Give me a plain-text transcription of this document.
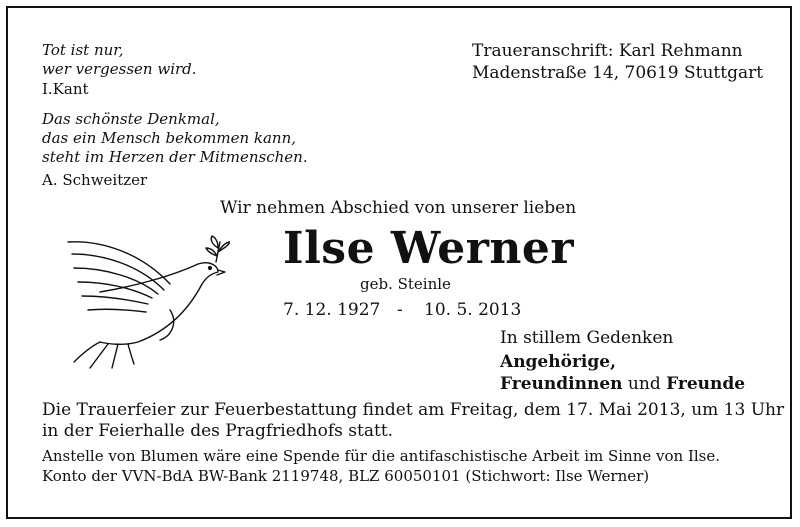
Tot ist nur,
wer vergessen wird.
I.Kant
Das schönste Denkmal,
das ein Mensch bekommen kann,
steht im Herzen der Mitmenschen.
A. Schweitzer
Traueranschrift: Karl Rehmann
Madenstraße 14, 70619 Stuttgart
Wir nehmen Abschied von unserer lieben
Ilse Werner
geb. Steinle
7. 12. 1927 - 10. 5. 2013
In stillem Gedenken
Angehörige,
Freundinnen und Freunde
Die Trauerfeier zur Feuerbestattung findet am Freitag, dem 17. Mai 2013, um 13 Uhr
in der Feierhalle des Pragfriedhofs statt.
Anstelle von Blumen wäre eine Spende für die antifaschistische Arbeit im Sinne von Ilse.
Konto der VVN-BdA BW-Bank 2119748, BLZ 60050101 (Stichwort: Ilse Werner)
